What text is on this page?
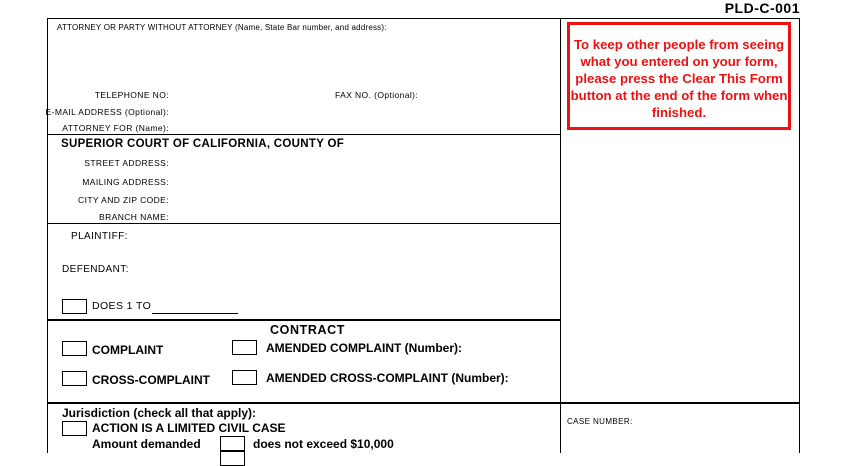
PLD-C-001
ATTORNEY OR PARTY WITHOUT ATTORNEY (Name, State Bar number, and address):
TELEPHONE NO:	FAX NO. (Optional):
E-MAIL ADDRESS (Optional):
ATTORNEY FOR (Name):
To keep other people from seeing what you entered on your form, please press the Clear This Form button at the end of the form when finished.
SUPERIOR COURT OF CALIFORNIA, COUNTY OF
STREET ADDRESS:
MAILING ADDRESS:
CITY AND ZIP CODE:
BRANCH NAME:
PLAINTIFF:
DEFENDANT:
DOES 1 TO
CONTRACT
COMPLAINT	AMENDED COMPLAINT (Number):
CROSS-COMPLAINT	AMENDED CROSS-COMPLAINT (Number):
Jurisdiction (check all that apply):
ACTION IS A LIMITED CIVIL CASE
Amount demanded	does not exceed $10,000
CASE NUMBER:
